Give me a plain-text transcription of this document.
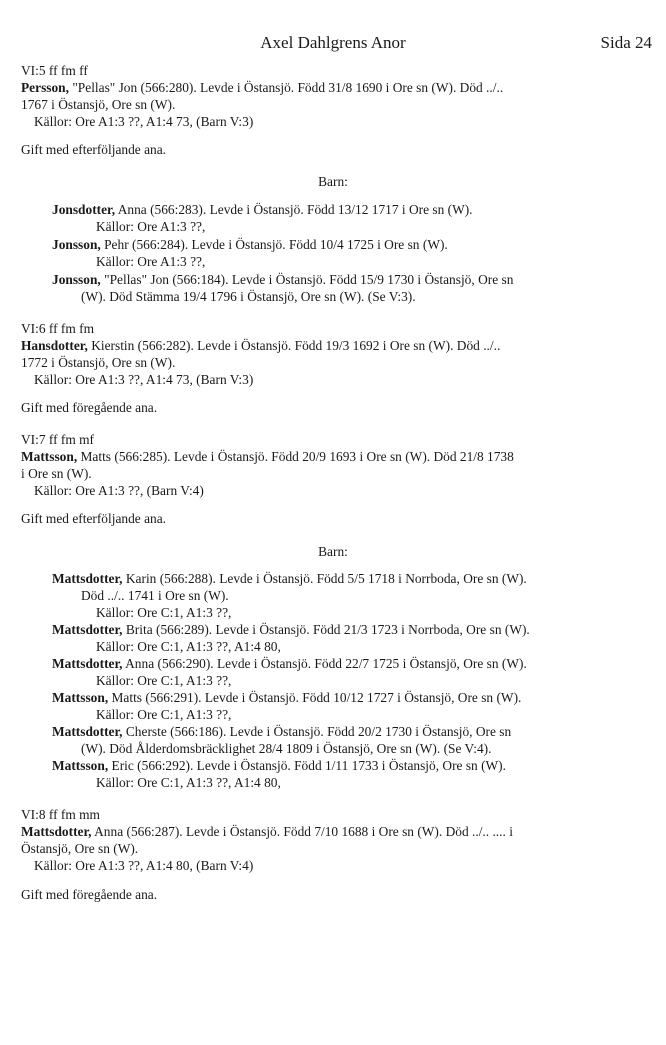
Axel Dahlgrens Anor	Sida 24
VI:5 ff fm ff
Persson, "Pellas" Jon (566:280). Levde i Östansjö. Född 31/8 1690 i Ore sn (W). Död ../..
1767 i Östansjö, Ore sn (W).
Källor: Ore A1:3 ??, A1:4 73, (Barn V:3)
Gift med efterföljande ana.
Barn:
Jonsdotter, Anna (566:283). Levde i Östansjö. Född 13/12 1717 i Ore sn (W).
Källor: Ore A1:3 ??,
Jonsson, Pehr (566:284). Levde i Östansjö. Född 10/4 1725 i Ore sn (W).
Källor: Ore A1:3 ??,
Jonsson, "Pellas" Jon (566:184). Levde i Östansjö. Född 15/9 1730 i Östansjö, Ore sn
(W). Död Stämma 19/4 1796 i Östansjö, Ore sn (W). (Se V:3).
VI:6 ff fm fm
Hansdotter, Kierstin (566:282). Levde i Östansjö. Född 19/3 1692 i Ore sn (W). Död ../..
1772 i Östansjö, Ore sn (W).
Källor: Ore A1:3 ??, A1:4 73, (Barn V:3)
Gift med föregående ana.
VI:7 ff fm mf
Mattsson, Matts (566:285). Levde i Östansjö. Född 20/9 1693 i Ore sn (W). Död 21/8 1738
i Ore sn (W).
Källor: Ore A1:3 ??, (Barn V:4)
Gift med efterföljande ana.
Barn:
Mattsdotter, Karin (566:288). Levde i Östansjö. Född 5/5 1718 i Norrboda, Ore sn (W).
Död ../.. 1741 i Ore sn (W).
Källor: Ore C:1, A1:3 ??,
Mattsdotter, Brita (566:289). Levde i Östansjö. Född 21/3 1723 i Norrboda, Ore sn (W).
Källor: Ore C:1, A1:3 ??, A1:4 80,
Mattsdotter, Anna (566:290). Levde i Östansjö. Född 22/7 1725 i Östansjö, Ore sn (W).
Källor: Ore C:1, A1:3 ??,
Mattsson, Matts (566:291). Levde i Östansjö. Född 10/12 1727 i Östansjö, Ore sn (W).
Källor: Ore C:1, A1:3 ??,
Mattsdotter, Cherste (566:186). Levde i Östansjö. Född 20/2 1730 i Östansjö, Ore sn
(W). Död Ålderdomsbräcklighet 28/4 1809 i Östansjö, Ore sn (W). (Se V:4).
Mattsson, Eric (566:292). Levde i Östansjö. Född 1/11 1733 i Östansjö, Ore sn (W).
Källor: Ore C:1, A1:3 ??, A1:4 80,
VI:8 ff fm mm
Mattsdotter, Anna (566:287). Levde i Östansjö. Född 7/10 1688 i Ore sn (W). Död ../.. .... i
Östansjö, Ore sn (W).
Källor: Ore A1:3 ??, A1:4 80, (Barn V:4)
Gift med föregående ana.
